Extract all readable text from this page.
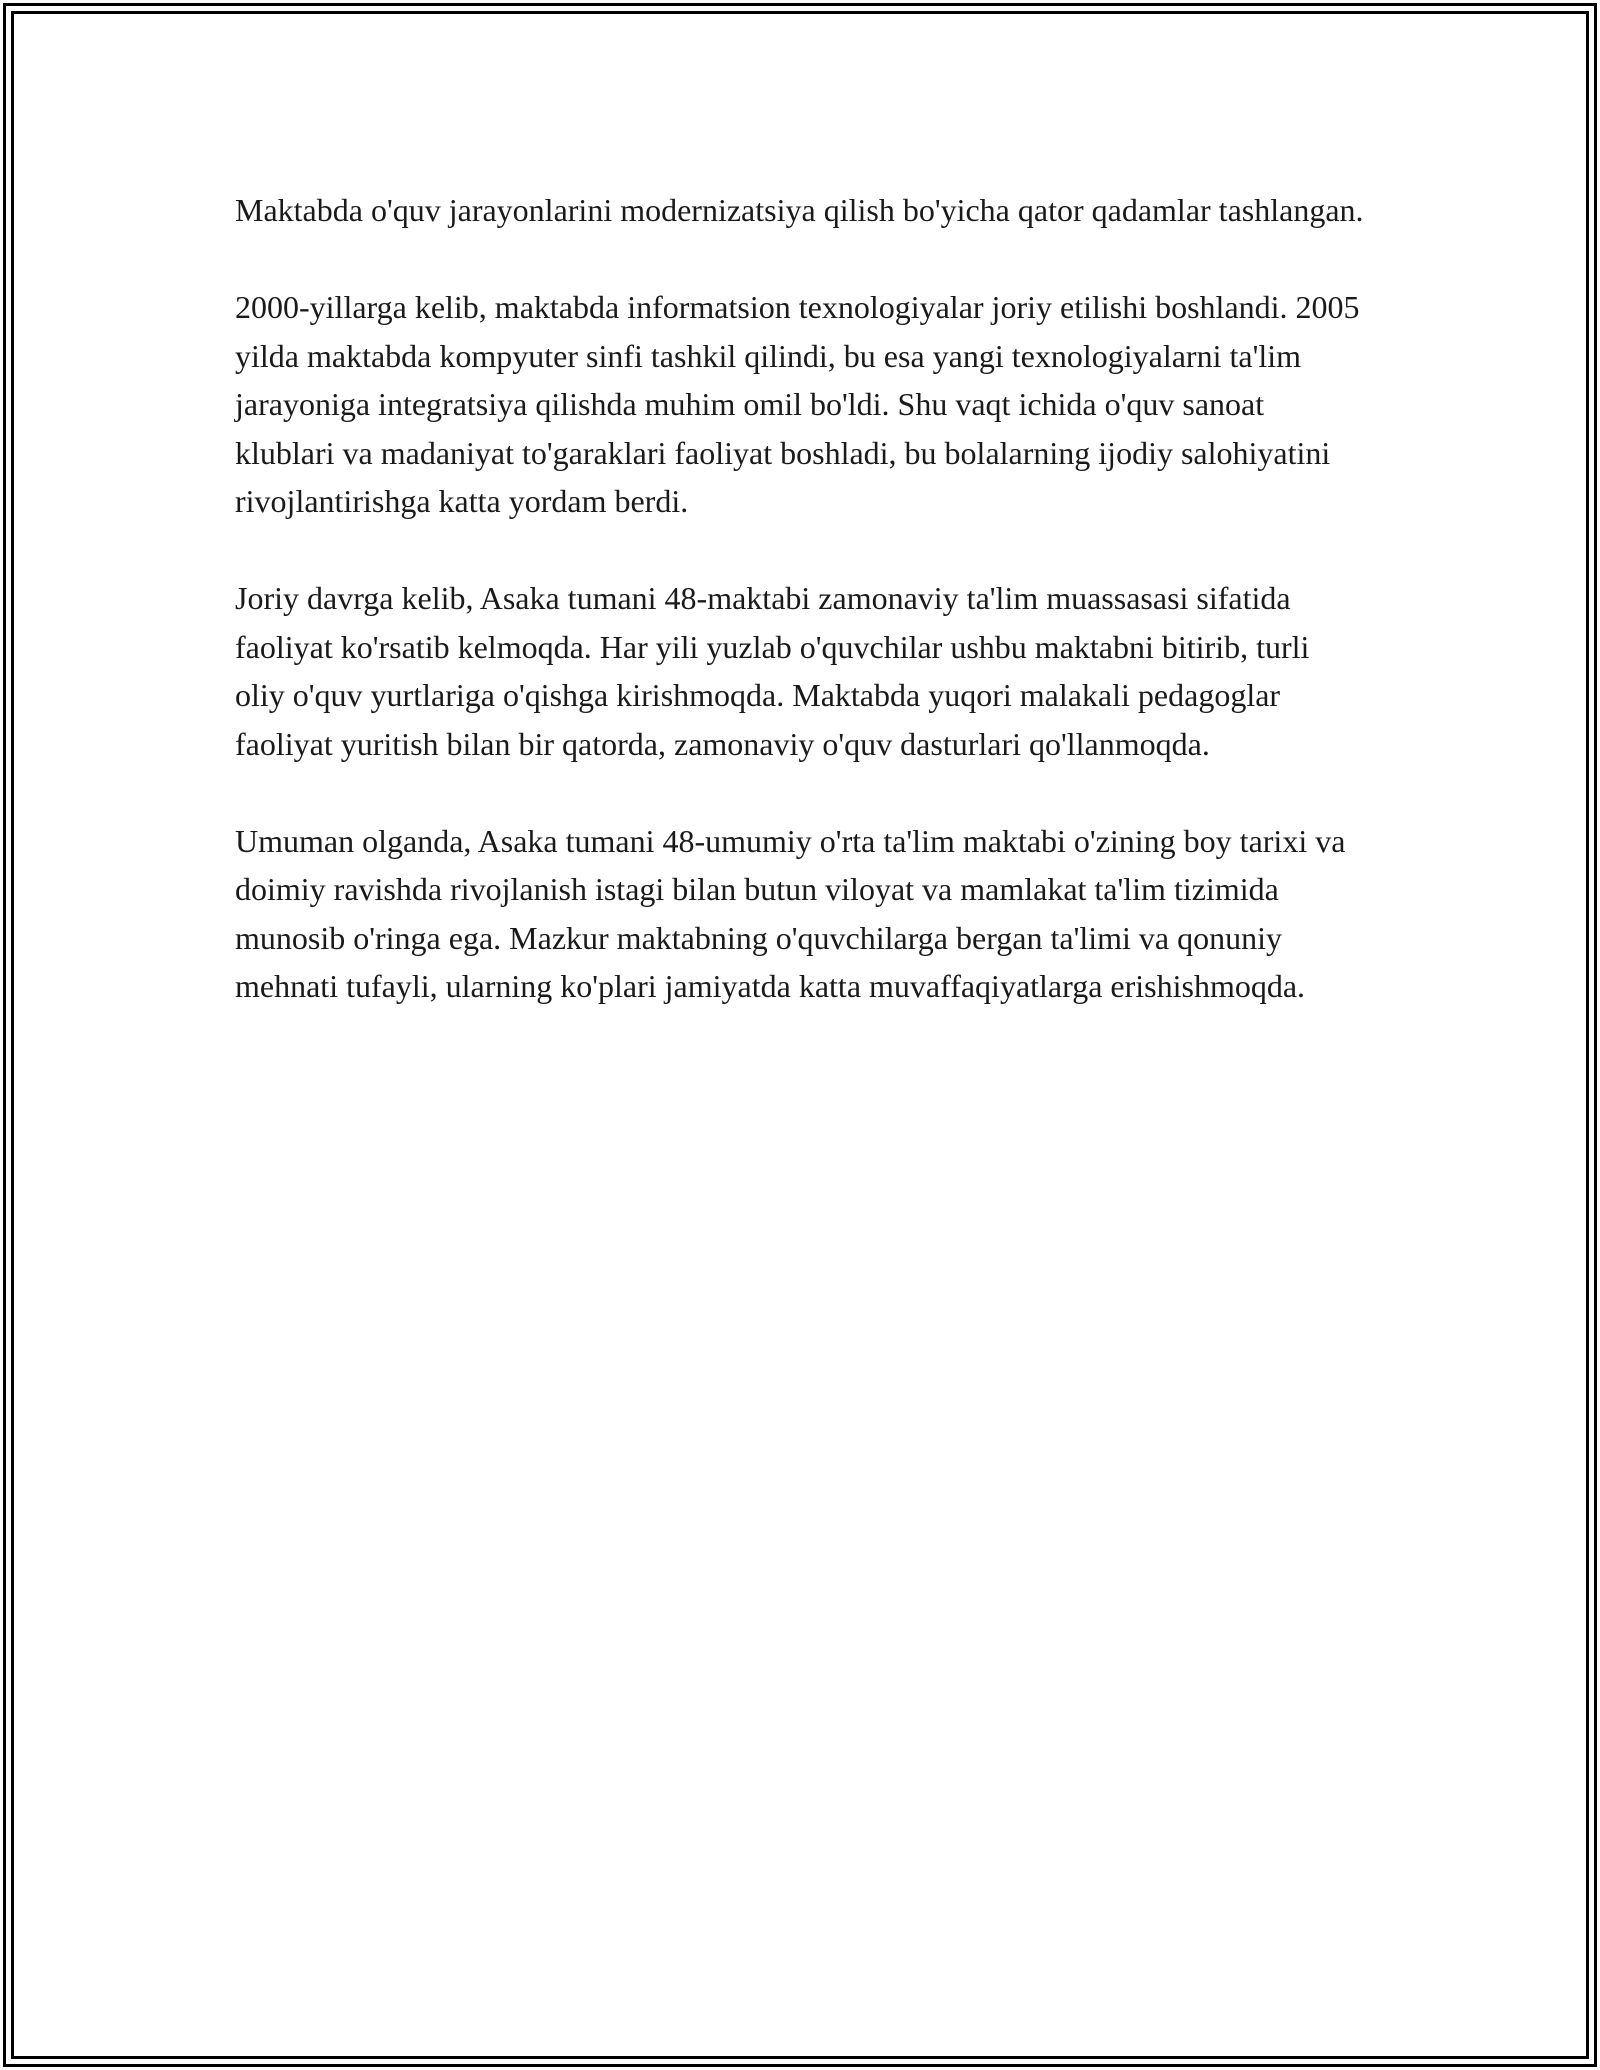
Maktabda o'quv jarayonlarini modernizatsiya qilish bo'yicha qator qadamlar tashlangan.

2000-yillarga kelib, maktabda informatsion texnologiyalar joriy etilishi boshlandi. 2005 yilda maktabda kompyuter sinfi tashkil qilindi, bu esa yangi texnologiyalarni ta'lim jarayoniga integratsiya qilishda muhim omil bo'ldi. Shu vaqt ichida o'quv sanoat klublari va madaniyat to'garaklari faoliyat boshladi, bu bolalarning ijodiy salohiyatini rivojlantirishga katta yordam berdi.

Joriy davrga kelib, Asaka tumani 48-maktabi zamonaviy ta'lim muassasasi sifatida faoliyat ko'rsatib kelmoqda. Har yili yuzlab o'quvchilar ushbu maktabni bitirib, turli oliy o'quv yurtlariga o'qishga kirishmoqda. Maktabda yuqori malakali pedagoglar faoliyat yuritish bilan bir qatorda, zamonaviy o'quv dasturlari qo'llanmoqda.

Umuman olganda, Asaka tumani 48-umumiy o'rta ta'lim maktabi o'zining boy tarixi va doimiy ravishda rivojlanish istagi bilan butun viloyat va mamlakat ta'lim tizimida munosib o'ringa ega. Mazkur maktabning o'quvchilarga bergan ta'limi va qonuniy mehnati tufayli, ularning ko'plari jamiyatda katta muvaffaqiyatlarga erishishmoqda.
